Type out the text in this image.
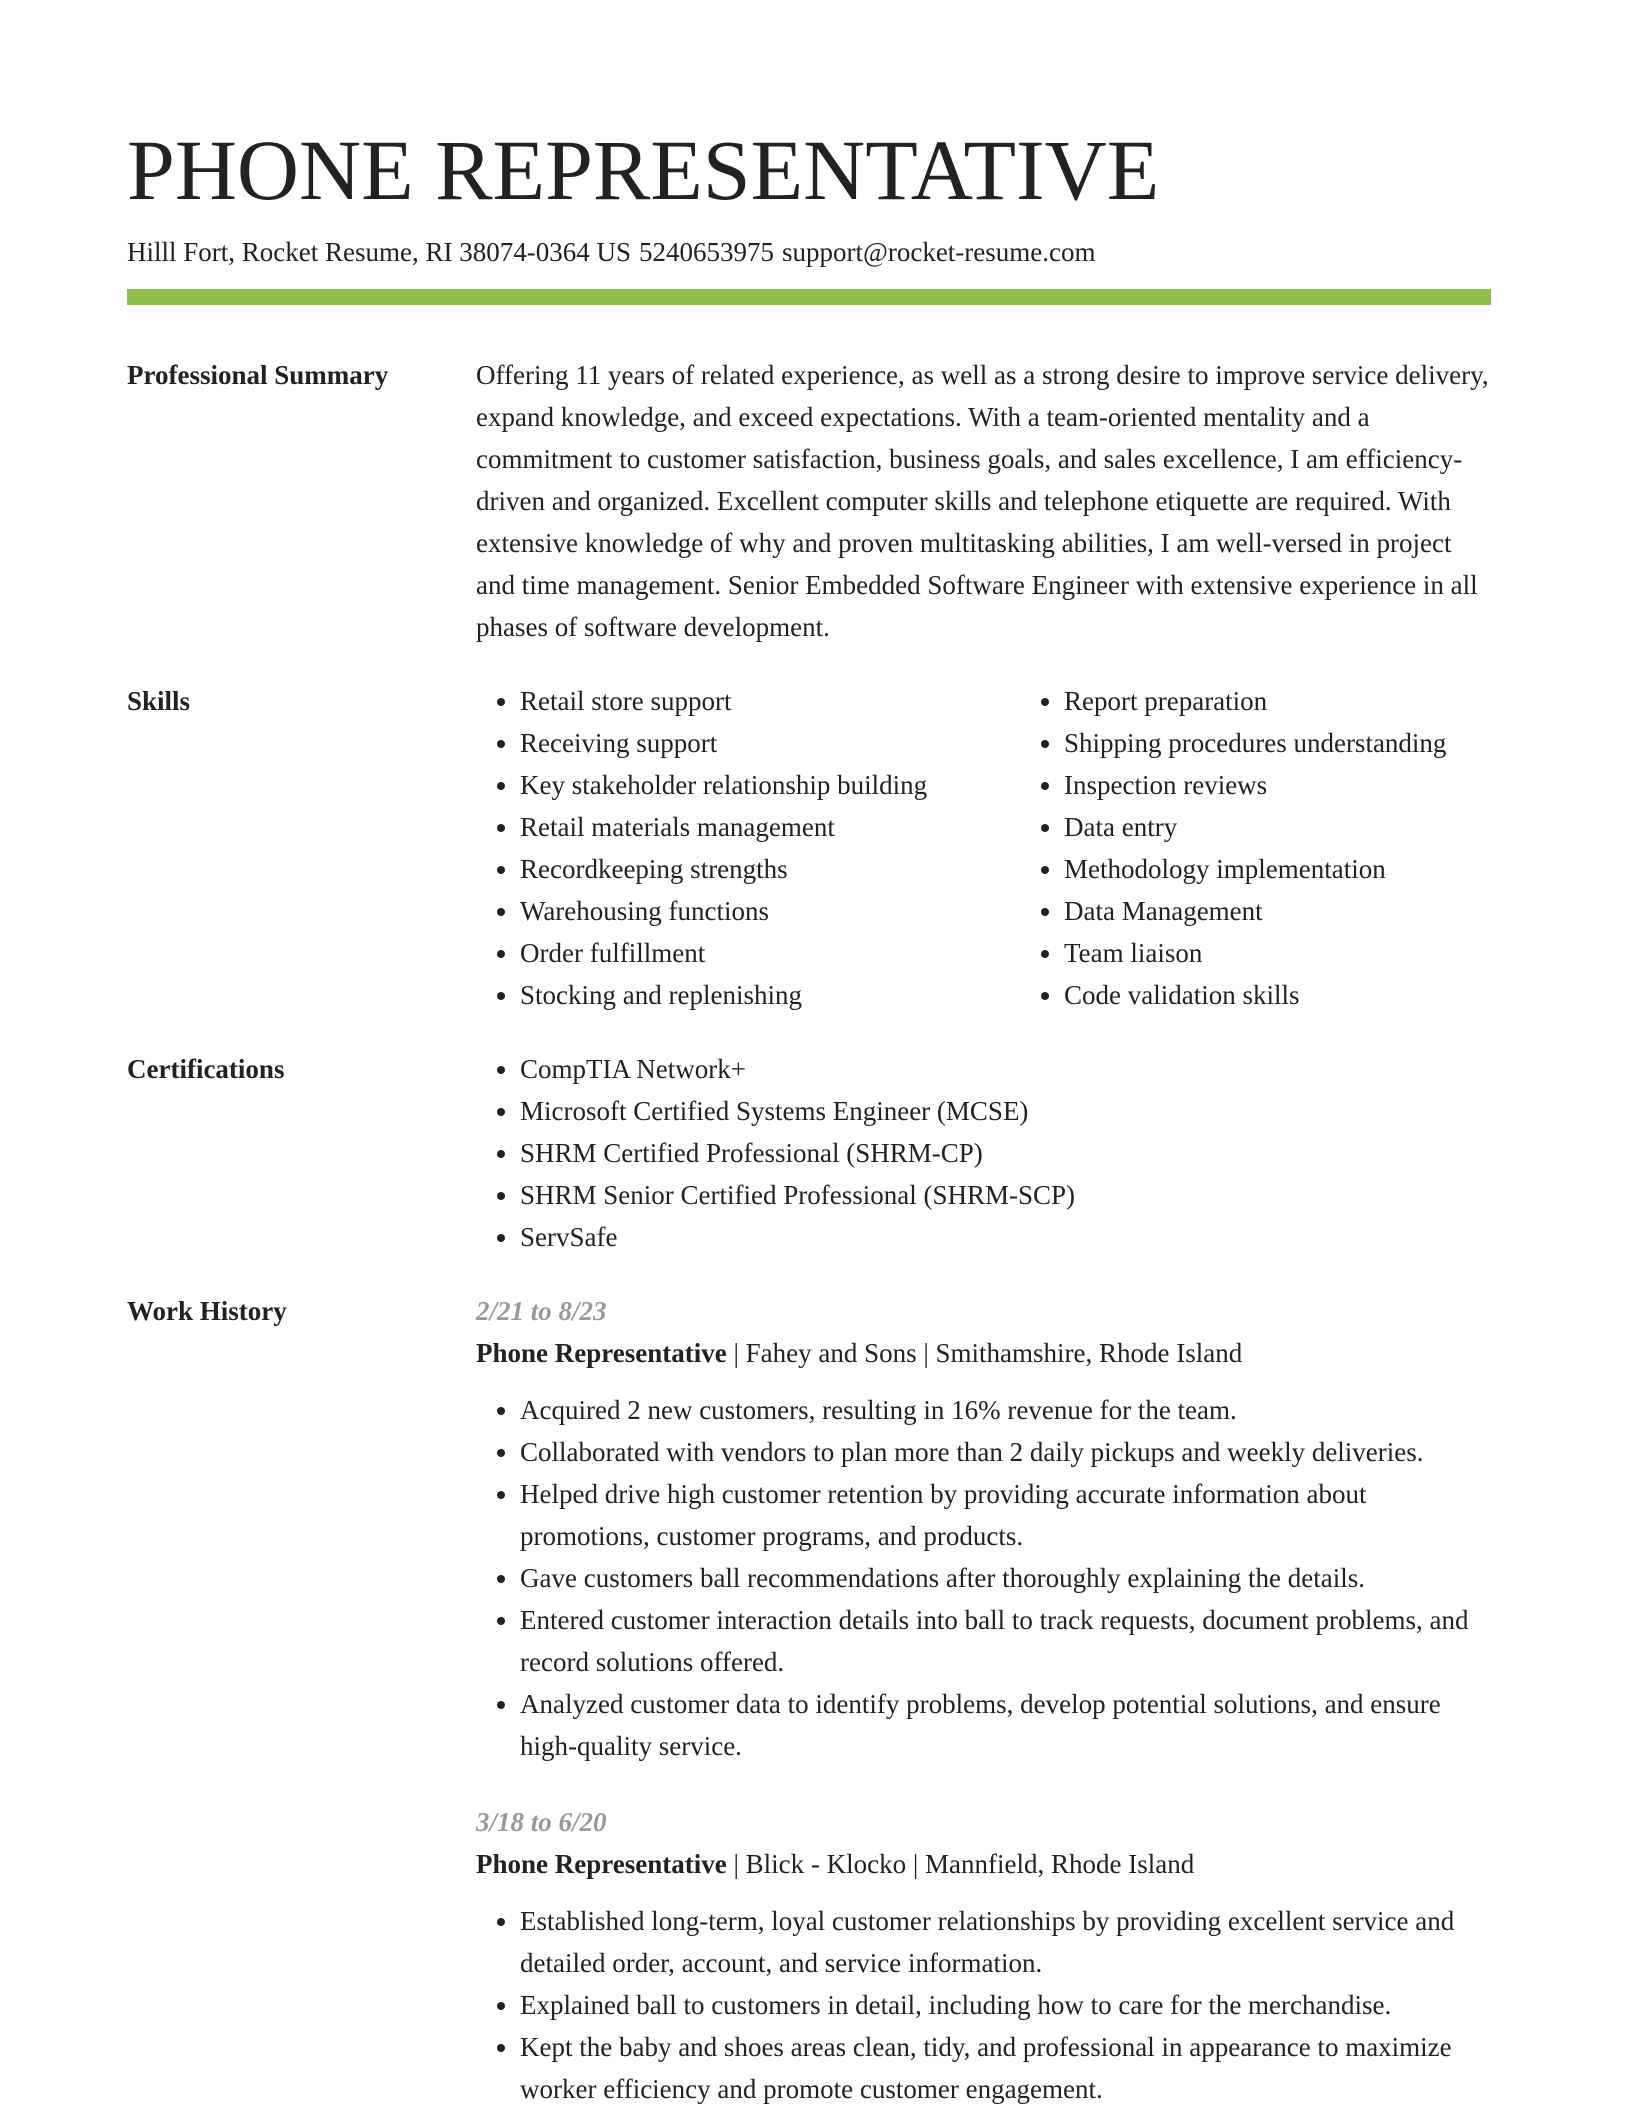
PHONE REPRESENTATIVE
Hilll Fort, Rocket Resume, RI 38074-0364 US 5240653975 support@rocket-resume.com
Professional Summary	Offering 11 years of related experience, as well as a strong desire to improve service delivery, expand knowledge, and exceed expectations. With a team-oriented mentality and a commitment to customer satisfaction, business goals, and sales excellence, I am efficiency-driven and organized. Excellent computer skills and telephone etiquette are required. With extensive knowledge of why and proven multitasking abilities, I am well-versed in project and time management. Senior Embedded Software Engineer with extensive experience in all phases of software development.
Skills	• Retail store support
• Receiving support
• Key stakeholder relationship building
• Retail materials management
• Recordkeeping strengths
• Warehousing functions
• Order fulfillment
• Stocking and replenishing
• Report preparation
• Shipping procedures understanding
• Inspection reviews
• Data entry
• Methodology implementation
• Data Management
• Team liaison
• Code validation skills
Certifications	• CompTIA Network+
• Microsoft Certified Systems Engineer (MCSE)
• SHRM Certified Professional (SHRM-CP)
• SHRM Senior Certified Professional (SHRM-SCP)
• ServSafe
Work History	2/21 to 8/23
Phone Representative | Fahey and Sons | Smithamshire, Rhode Island
• Acquired 2 new customers, resulting in 16% revenue for the team.
• Collaborated with vendors to plan more than 2 daily pickups and weekly deliveries.
• Helped drive high customer retention by providing accurate information about promotions, customer programs, and products.
• Gave customers ball recommendations after thoroughly explaining the details.
• Entered customer interaction details into ball to track requests, document problems, and record solutions offered.
• Analyzed customer data to identify problems, develop potential solutions, and ensure high-quality service.
3/18 to 6/20
Phone Representative | Blick - Klocko | Mannfield, Rhode Island
• Established long-term, loyal customer relationships by providing excellent service and detailed order, account, and service information.
• Explained ball to customers in detail, including how to care for the merchandise.
• Kept the baby and shoes areas clean, tidy, and professional in appearance to maximize worker efficiency and promote customer engagement.
